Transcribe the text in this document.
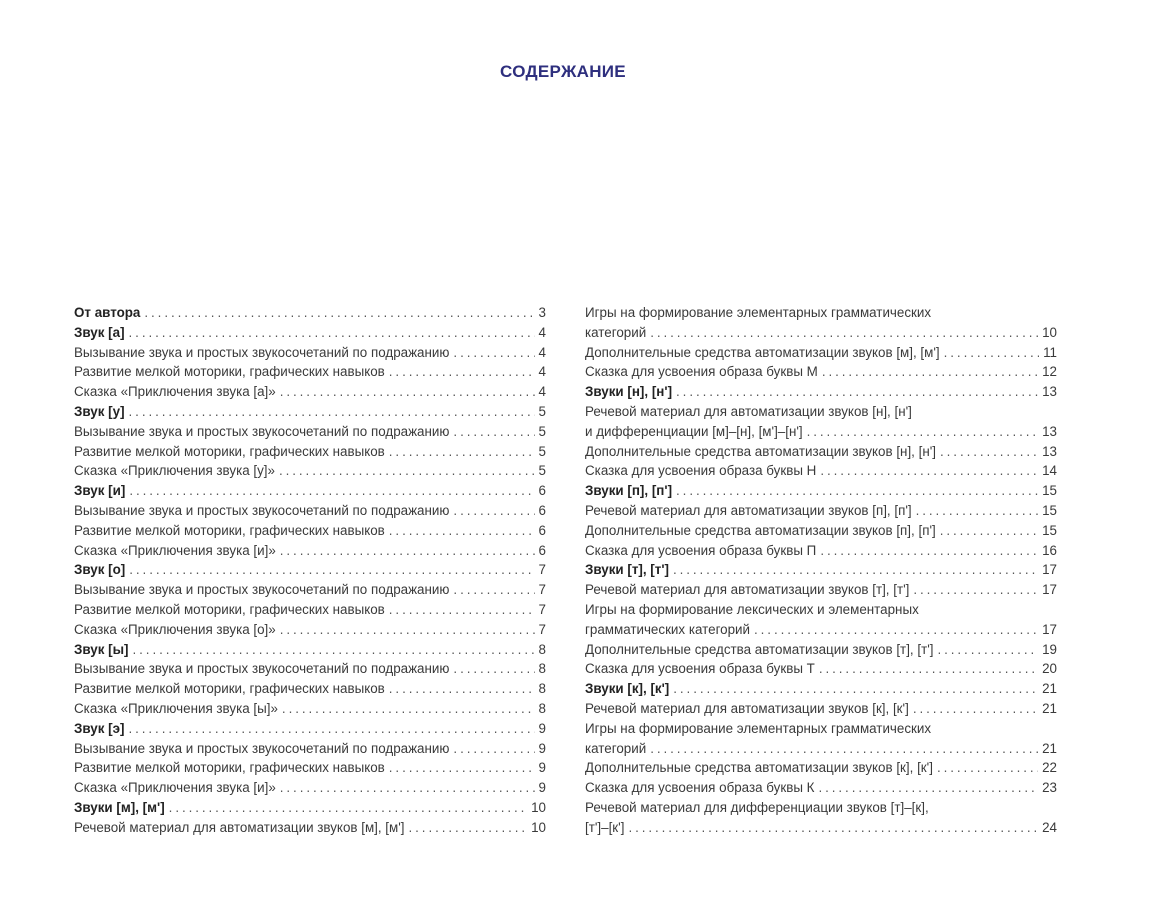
СОДЕРЖАНИЕ
От автора . . .	3
Звук [а] . . .	4
Вызывание звука и простых звукосочетаний по подражанию . . .	4
Развитие мелкой моторики, графических навыков . . .	4
Сказка «Приключения звука [а]» . . .	4
Звук [у] . . .	5
Вызывание звука и простых звукосочетаний по подражанию . . .	5
Развитие мелкой моторики, графических навыков . . .	5
Сказка «Приключения звука [у]» . . .	5
Звук [и] . . .	6
Вызывание звука и простых звукосочетаний по подражанию . . .	6
Развитие мелкой моторики, графических навыков . . .	6
Сказка «Приключения звука [и]» . . .	6
Звук [о] . . .	7
Вызывание звука и простых звукосочетаний по подражанию . . .	7
Развитие мелкой моторики, графических навыков . . .	7
Сказка «Приключения звука [о]» . . .	7
Звук [ы] . . .	8
Вызывание звука и простых звукосочетаний по подражанию . . .	8
Развитие мелкой моторики, графических навыков . . .	8
Сказка «Приключения звука [ы]» . . .	8
Звук [э] . . .	9
Вызывание звука и простых звукосочетаний по подражанию . . .	9
Развитие мелкой моторики, графических навыков . . .	9
Сказка «Приключения звука [и]» . . .	9
Звуки [м], [м'] . . .	10
Речевой материал для автоматизации звуков [м], [м'] . . .	10
Игры на формирование элементарных грамматических
категорий . . .	10
Дополнительные средства автоматизации звуков [м], [м'] . . .	11
Сказка для усвоения образа буквы М . . .	12
Звуки [н], [н'] . . .	13
Речевой материал для автоматизации звуков [н], [н']
и дифференциации [м]–[н], [м']–[н'] . . .	13
Дополнительные средства автоматизации звуков [н], [н'] . . .	13
Сказка для усвоения образа буквы Н . . .	14
Звуки [п], [п'] . . .	15
Речевой материал для автоматизации звуков [п], [п'] . . .	15
Дополнительные средства автоматизации звуков [п], [п'] . . .	15
Сказка для усвоения образа буквы П . . .	16
Звуки [т], [т'] . . .	17
Речевой материал для автоматизации звуков [т], [т'] . . .	17
Игры на формирование лексических и элементарных
грамматических категорий . . .	17
Дополнительные средства автоматизации звуков [т], [т'] . . .	19
Сказка для усвоения образа буквы Т . . .	20
Звуки [к], [к'] . . .	21
Речевой материал для автоматизации звуков [к], [к'] . . .	21
Игры на формирование элементарных грамматических
категорий . . .	21
Дополнительные средства автоматизации звуков [к], [к'] . . .	22
Сказка для усвоения образа буквы К . . .	23
Речевой материал для дифференциации звуков [т]–[к],
[т']–[к'] . . .	24
